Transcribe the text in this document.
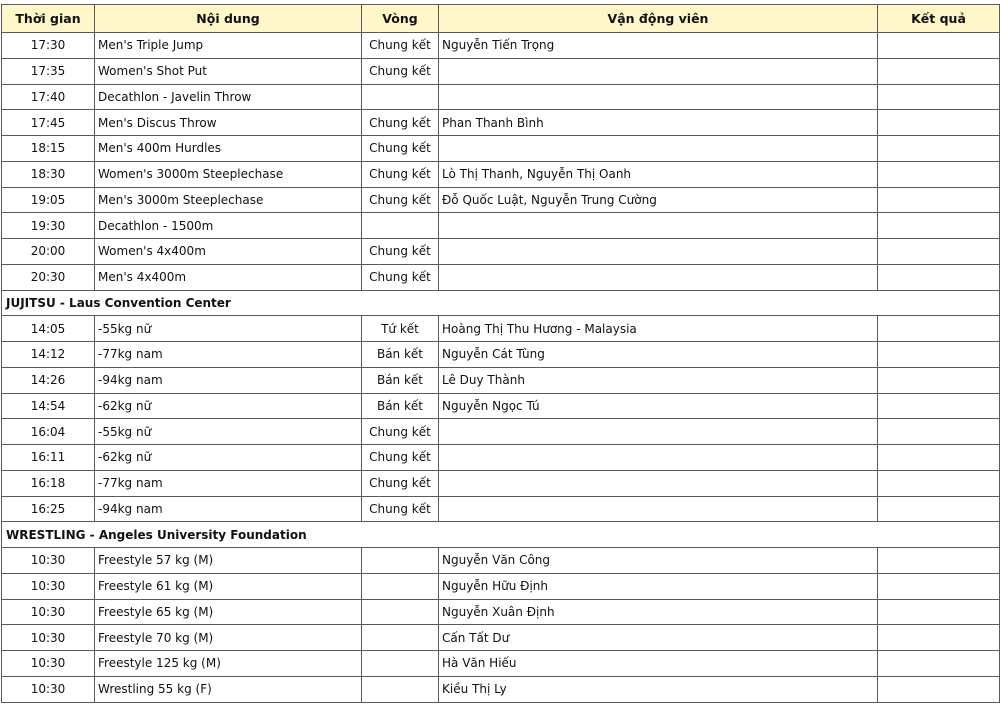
Thời gian	Nội dung	Vòng	Vận động viên	Kết quả
17:30	Men's Triple Jump	Chung kết	Nguyễn Tiến Trọng	
17:35	Women's Shot Put	Chung kết		
17:40	Decathlon - Javelin Throw			
17:45	Men's Discus Throw	Chung kết	Phan Thanh Bình	
18:15	Men's 400m Hurdles	Chung kết		
18:30	Women's 3000m Steeplechase	Chung kết	Lò Thị Thanh, Nguyễn Thị Oanh	
19:05	Men's 3000m Steeplechase	Chung kết	Đỗ Quốc Luật, Nguyễn Trung Cường	
19:30	Decathlon - 1500m			
20:00	Women's 4x400m	Chung kết		
20:30	Men's 4x400m	Chung kết		
JUJITSU - Laus Convention Center				
14:05	-55kg nữ	Tứ kết	Hoàng Thị Thu Hương - Malaysia	
14:12	-77kg nam	Bán kết	Nguyễn Cát Tùng	
14:26	-94kg nam	Bán kết	Lê Duy Thành	
14:54	-62kg nữ	Bán kết	Nguyễn Ngọc Tú	
16:04	-55kg nữ	Chung kết		
16:11	-62kg nữ	Chung kết		
16:18	-77kg nam	Chung kết		
16:25	-94kg nam	Chung kết		
WRESTLING - Angeles University Foundation				
10:30	Freestyle 57 kg (M)		Nguyễn Văn Công	
10:30	Freestyle 61 kg (M)		Nguyễn Hữu Định	
10:30	Freestyle 65 kg (M)		Nguyễn Xuân Định	
10:30	Freestyle 70 kg (M)		Cấn Tất Dư	
10:30	Freestyle 125 kg (M)		Hà Văn Hiếu	
10:30	Wrestling 55 kg (F)		Kiều Thị Ly	
